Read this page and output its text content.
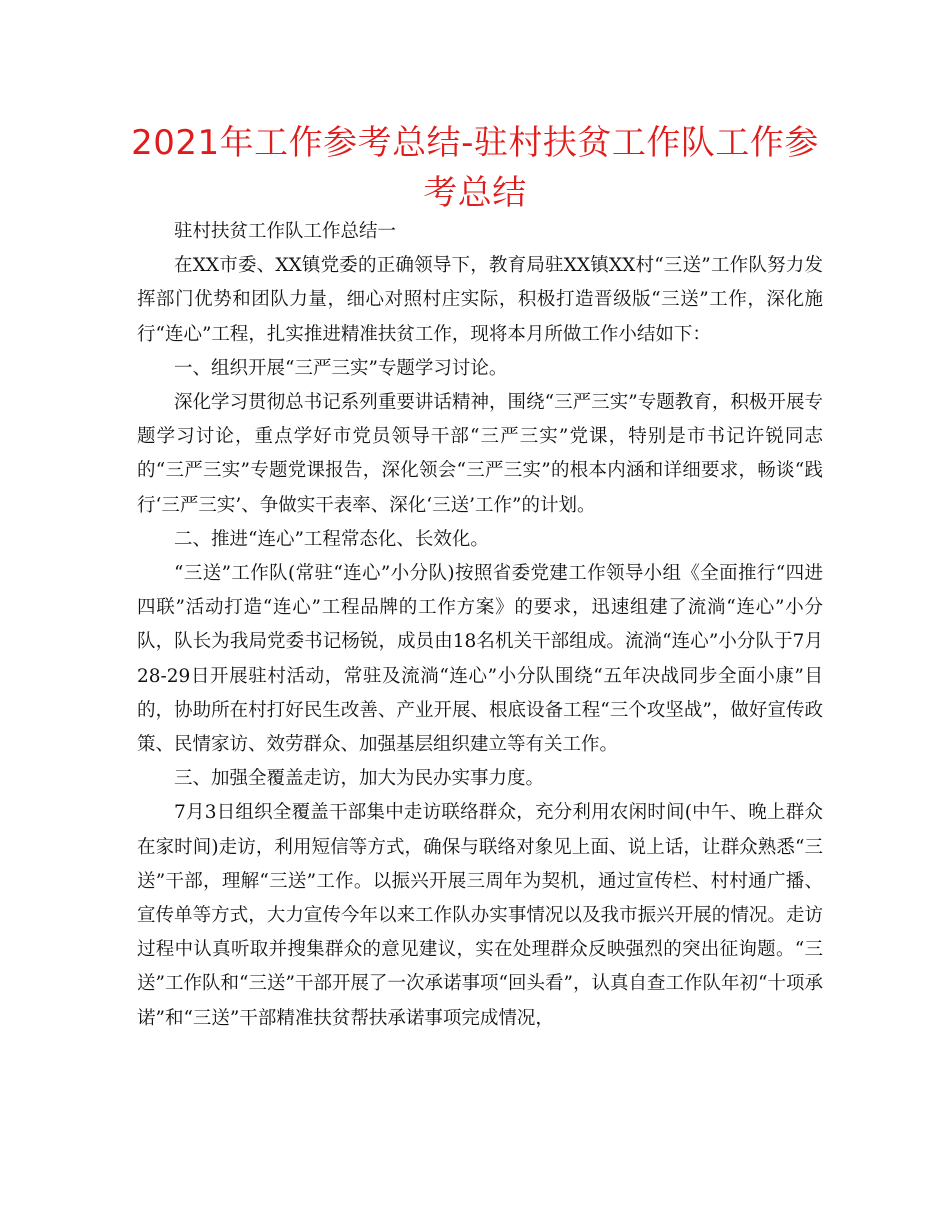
2021年工作参考总结-驻村扶贫工作队工作参考总结

驻村扶贫工作队工作总结一

在XX市委、XX镇党委的正确领导下，教育局驻XX镇XX村“三送”工作队努力发挥部门优势和团队力量，细心对照村庄实际，积极打造晋级版“三送”工作，深化施行“连心”工程，扎实推进精准扶贫工作，现将本月所做工作小结如下：

一、组织开展“三严三实”专题学习讨论。

深化学习贯彻总书记系列重要讲话精神，围绕“三严三实”专题教育，积极开展专题学习讨论，重点学好市党员领导干部“三严三实”党课，特别是市书记许锐同志的“三严三实”专题党课报告，深化领会“三严三实”的根本内涵和详细要求，畅谈“践行‘三严三实’、争做实干表率、深化‘三送’工作”的计划。

二、推进“连心”工程常态化、长效化。

“三送”工作队(常驻“连心”小分队)按照省委党建工作领导小组《全面推行“四进四联”活动打造“连心”工程品牌的工作方案》的要求，迅速组建了流淌“连心”小分队，队长为我局党委书记杨锐，成员由18名机关干部组成。流淌“连心”小分队于7月28-29日开展驻村活动，常驻及流淌“连心”小分队围绕“五年决战同步全面小康”目的，协助所在村打好民生改善、产业开展、根底设备工程“三个攻坚战”，做好宣传政策、民情家访、效劳群众、加强基层组织建立等有关工作。

三、加强全覆盖走访，加大为民办实事力度。

7月3日组织全覆盖干部集中走访联络群众，充分利用农闲时间(中午、晚上群众在家时间)走访，利用短信等方式，确保与联络对象见上面、说上话，让群众熟悉“三送”干部，理解“三送”工作。以振兴开展三周年为契机，通过宣传栏、村村通广播、宣传单等方式，大力宣传今年以来工作队办实事情况以及我市振兴开展的情况。走访过程中认真听取并搜集群众的意见建议，实在处理群众反映强烈的突出征询题。“三送”工作队和“三送”干部开展了一次承诺事项“回头看”，认真自查工作队年初“十项承诺”和“三送”干部精准扶贫帮扶承诺事项完成情况，
